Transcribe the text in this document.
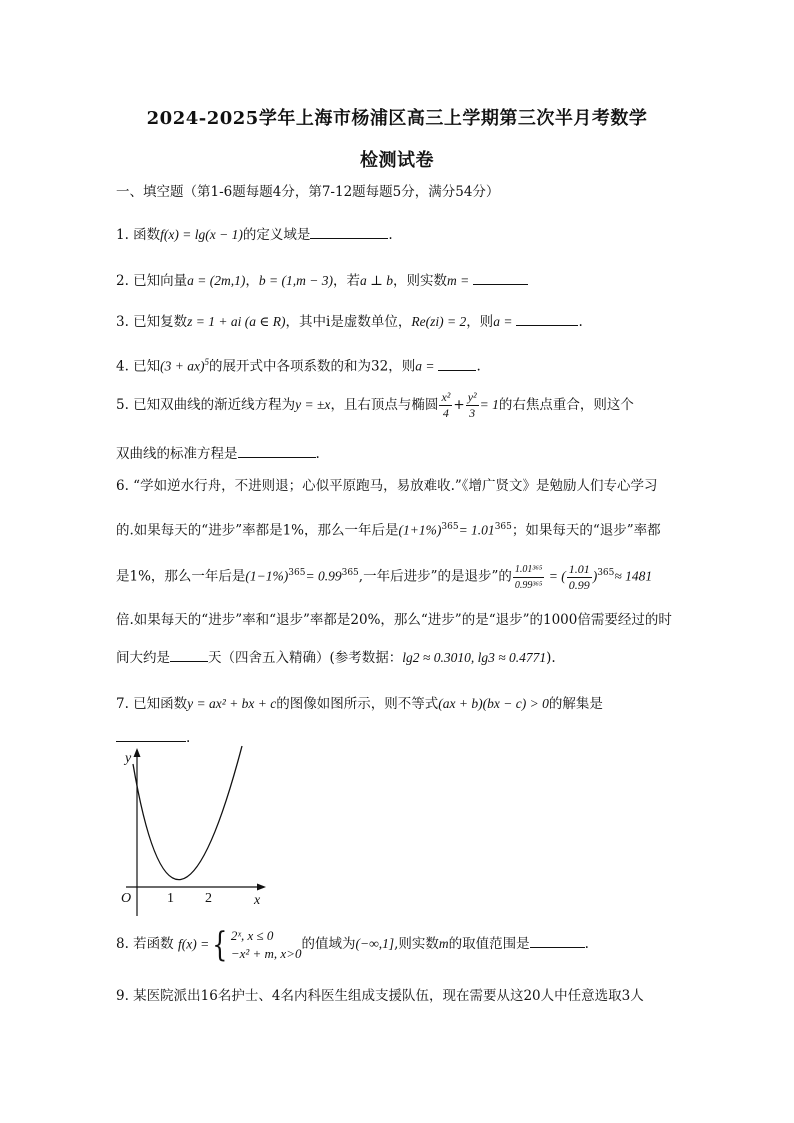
2024-2025学年上海市杨浦区高三上学期第三次半月考数学
检测试卷
一、填空题（第1-6题每题4分，第7-12题每题5分，满分54分）
1. 函数f(x) = lg(x − 1)的定义域是	.
2. 已知向量a = (2m,1)，b = (1,m − 3)，若a ⊥ b，则实数m =
3. 已知复数z = 1 + ai (a ∈ R)，其中i是虚数单位，Re(zi) = 2，则a =	.
4. 已知(3 + ax)$^5$的展开式中各项系数的和为32，则a =	.
5. 已知双曲线的渐近线方程为y = ±x，且右顶点与椭圆 $\frac{\text{x²}}{4} + \frac{\text{y²}}{3} = 1$的右焦点重合，则这个
双曲线的标准方程是	.
6. “学如逆水行舟，不进则退；心似平原跑马，易放难收.”《增广贤文》是勉励人们专心学习
的.如果每天的“进步”率都是1%，那么一年后是$(1+1\%)^{365}= 1.01^{365}$；如果每天的“退步”率都
是1%，那么一年后是$(1-1\%)^{365}= 0.99^{365}$,一年后进步”的是退步”的 $\frac{\text{1.01³⁶⁵}}{\text{0.99³⁶⁵}}$ = ( $\frac{1.01}{0.99} )^{365}\approx 1481$
倍.如果每天的“进步”率和“退步”率都是20%，那么“进步”的是“退步”的1000倍需要经过的时
间大约是	天（四舍五入精确）(参考数据：lg2 ≈ 0.3010, lg3 ≈ 0.4771).
7. 已知函数y = ax² + bx + c的图像如图所示，则不等式(ax + b)(bx − c) > 0的解集是
.
y
x
O	1 2
8. 若函数 f(x) ={ 2ˣ, x ≤ 0
−x² + m, x>0
的值域为(−∞,1],则实数m的取值范围是	.
9. 某医院派出16名护士、4名内科医生组成支援队伍，现在需要从这20人中任意选取3人
